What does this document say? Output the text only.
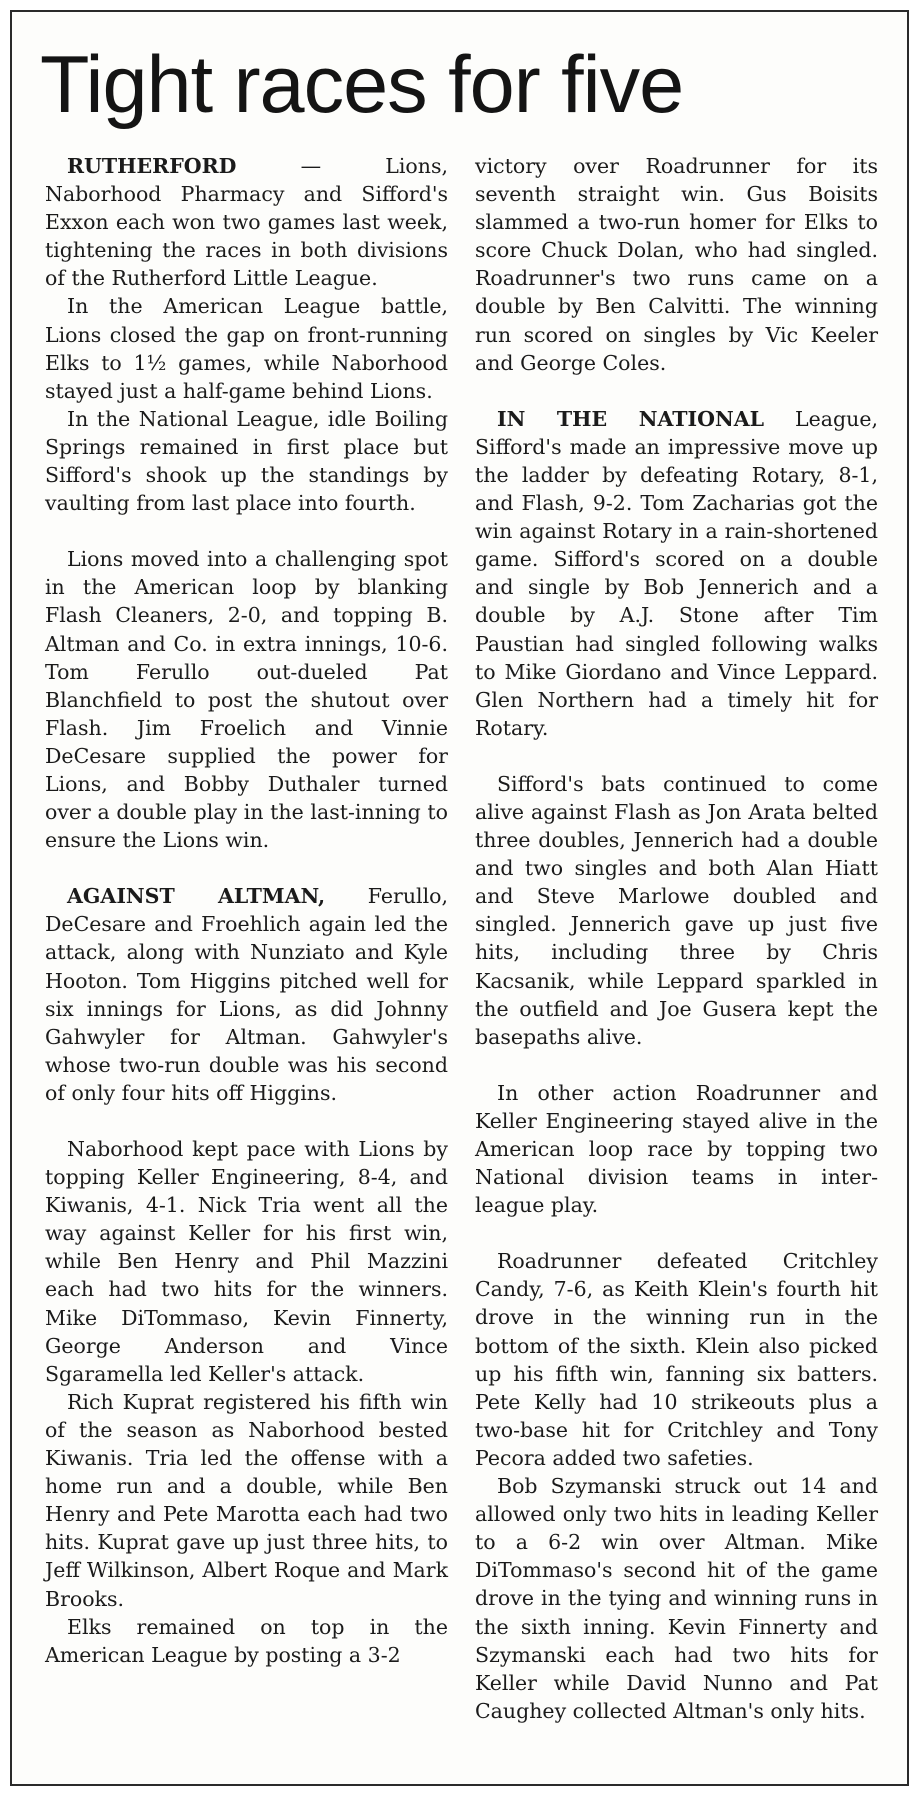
Tight races for five

RUTHERFORD — Lions, Naborhood Pharmacy and Sifford's Exxon each won two games last week, tightening the races in both divisions of the Rutherford Little League.

In the American League battle, Lions closed the gap on front-running Elks to 1½ games, while Naborhood stayed just a half-game behind Lions.

In the National League, idle Boiling Springs remained in first place but Sifford's shook up the standings by vaulting from last place into fourth.

Lions moved into a challenging spot in the American loop by blanking Flash Cleaners, 2-0, and topping B. Altman and Co. in extra innings, 10-6. Tom Ferullo out-dueled Pat Blanchfield to post the shutout over Flash. Jim Froelich and Vinnie DeCesare supplied the power for Lions, and Bobby Duthaler turned over a double play in the last-inning to ensure the Lions win.

AGAINST ALTMAN, Ferullo, DeCesare and Froehlich again led the attack, along with Nunziato and Kyle Hooton. Tom Higgins pitched well for six innings for Lions, as did Johnny Gahwyler for Altman. Gahwyler's whose two-run double was his second of only four hits off Higgins.

Naborhood kept pace with Lions by topping Keller Engineering, 8-4, and Kiwanis, 4-1. Nick Tria went all the way against Keller for his first win, while Ben Henry and Phil Mazzini each had two hits for the winners. Mike DiTommaso, Kevin Finnerty, George Anderson and Vince Sgaramella led Keller's attack.

Rich Kuprat registered his fifth win of the season as Naborhood bested Kiwanis. Tria led the offense with a home run and a double, while Ben Henry and Pete Marotta each had two hits. Kuprat gave up just three hits, to Jeff Wilkinson, Albert Roque and Mark Brooks.

Elks remained on top in the American League by posting a 3-2

victory over Roadrunner for its seventh straight win. Gus Boisits slammed a two-run homer for Elks to score Chuck Dolan, who had singled. Roadrunner's two runs came on a double by Ben Calvitti. The winning run scored on singles by Vic Keeler and George Coles.

IN THE NATIONAL League, Sifford's made an impressive move up the ladder by defeating Rotary, 8-1, and Flash, 9-2. Tom Zacharias got the win against Rotary in a rain-shortened game. Sifford's scored on a double and single by Bob Jennerich and a double by A.J. Stone after Tim Paustian had singled following walks to Mike Giordano and Vince Leppard. Glen Northern had a timely hit for Rotary.

Sifford's bats continued to come alive against Flash as Jon Arata belted three doubles, Jennerich had a double and two singles and both Alan Hiatt and Steve Marlowe doubled and singled. Jennerich gave up just five hits, including three by Chris Kacsanik, while Leppard sparkled in the outfield and Joe Gusera kept the basepaths alive.

In other action Roadrunner and Keller Engineering stayed alive in the American loop race by topping two National division teams in inter-league play.

Roadrunner defeated Critchley Candy, 7-6, as Keith Klein's fourth hit drove in the winning run in the bottom of the sixth. Klein also picked up his fifth win, fanning six batters. Pete Kelly had 10 strikeouts plus a two-base hit for Critchley and Tony Pecora added two safeties.

Bob Szymanski struck out 14 and allowed only two hits in leading Keller to a 6-2 win over Altman. Mike DiTommaso's second hit of the game drove in the tying and winning runs in the sixth inning. Kevin Finnerty and Szymanski each had two hits for Keller while David Nunno and Pat Caughey collected Altman's only hits.
